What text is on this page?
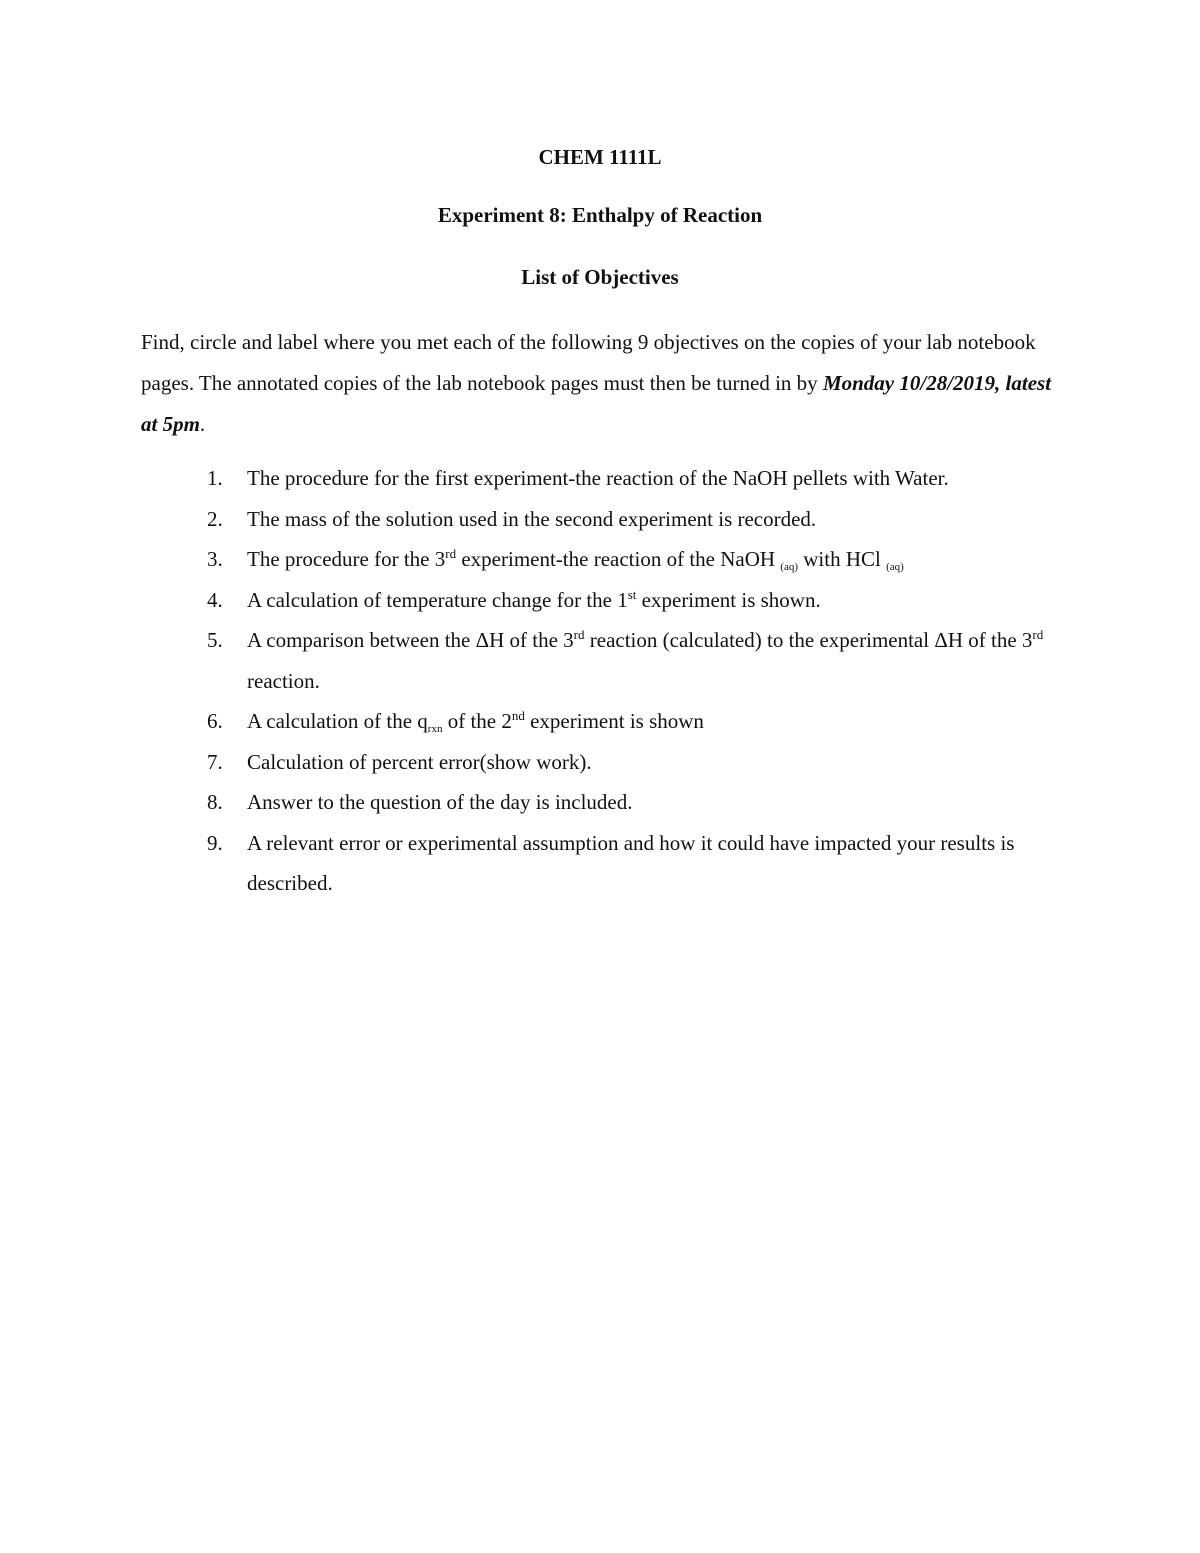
CHEM 1111L
Experiment 8: Enthalpy of Reaction
List of Objectives

Find, circle and label where you met each of the following 9 objectives on the copies of your lab notebook pages. The annotated copies of the lab notebook pages must then be turned in by Monday 10/28/2019, latest at 5pm.

1. The procedure for the first experiment-the reaction of the NaOH pellets with Water.
2. The mass of the solution used in the second experiment is recorded.
3. The procedure for the 3rd experiment-the reaction of the NaOH $_{(aq)}$ with HCl $_{(aq)}$
4. A calculation of temperature change for the 1st experiment is shown.
5. A comparison between the ΔH of the 3rd reaction (calculated) to the experimental ΔH of the 3rd reaction.
6. A calculation of the $q_{rxn}$ of the 2nd experiment is shown
7. Calculation of percent error(show work).
8. Answer to the question of the day is included.
9. A relevant error or experimental assumption and how it could have impacted your results is described.
